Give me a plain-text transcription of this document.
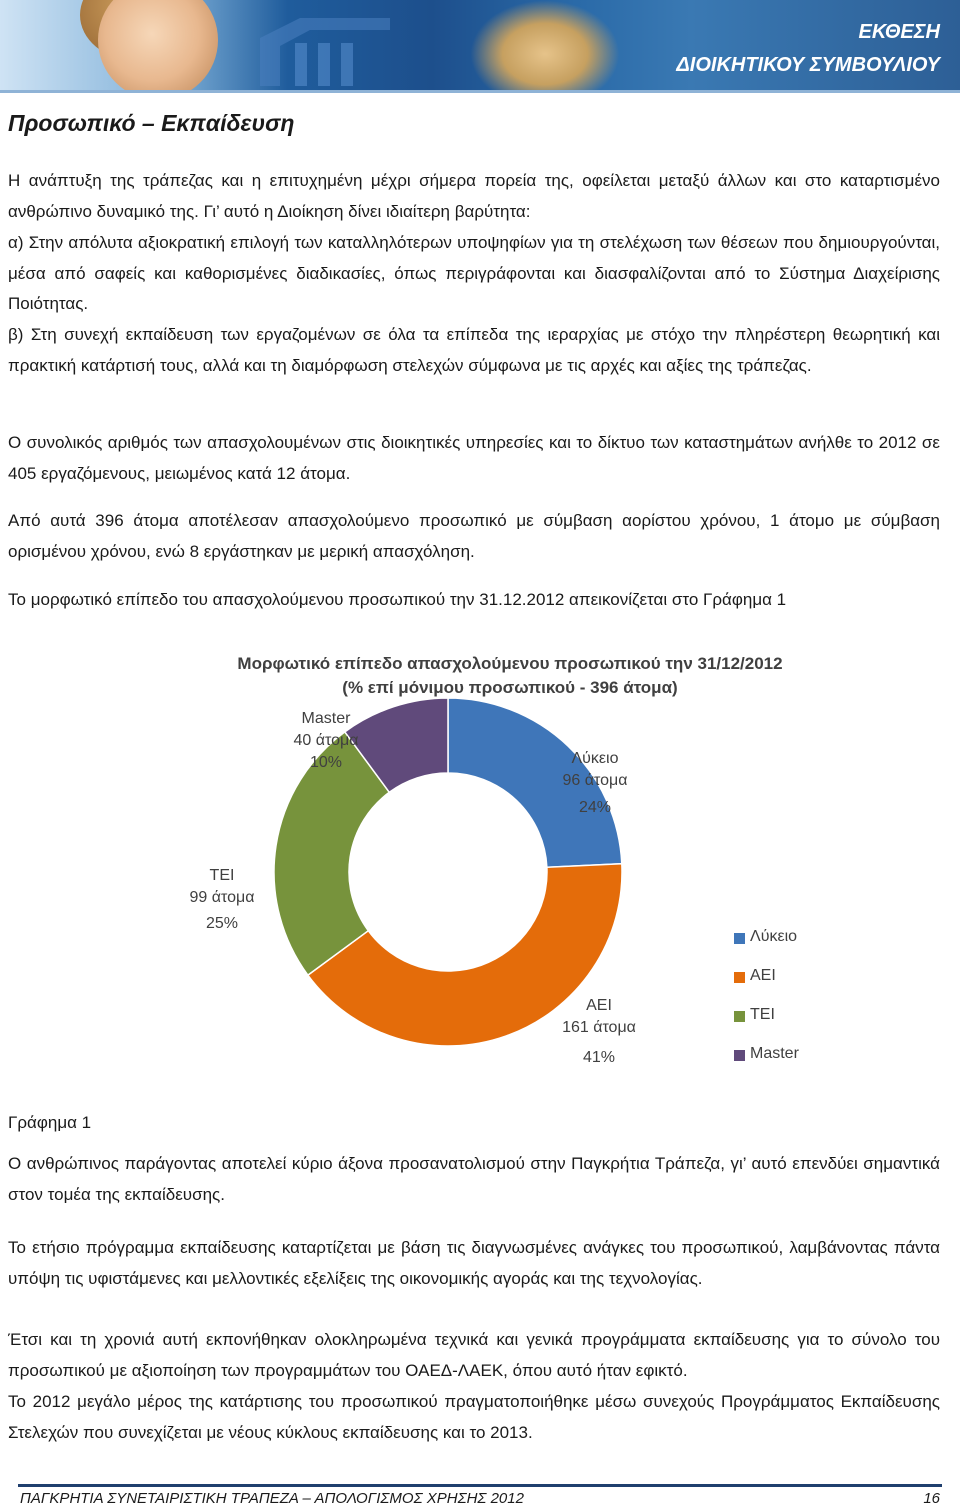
ΕΚΘΕΣΗ
ΔΙΟΙΚΗΤΙΚΟΥ ΣΥΜΒΟΥΛΙΟΥ
Προσωπικό – Εκπαίδευση

Η ανάπτυξη της τράπεζας και η επιτυχημένη μέχρι σήμερα πορεία της, οφείλεται μεταξύ άλλων και στο καταρτισμένο ανθρώπινο δυναμικό της. Γι’ αυτό η Διοίκηση δίνει ιδιαίτερη βαρύτητα:

α) Στην απόλυτα αξιοκρατική επιλογή των καταλληλότερων υποψηφίων για τη στελέχωση των θέσεων που δημιουργούνται, μέσα από σαφείς και καθορισμένες διαδικασίες, όπως περιγράφονται και διασφαλίζονται από το Σύστημα Διαχείρισης Ποιότητας.

β) Στη συνεχή εκπαίδευση των εργαζομένων σε όλα τα επίπεδα της ιεραρχίας με στόχο την πληρέστερη θεωρητική και πρακτική κατάρτισή τους, αλλά και τη διαμόρφωση στελεχών σύμφωνα με τις αρχές και αξίες της τράπεζας.

Ο συνολικός αριθμός των απασχολουμένων στις διοικητικές υπηρεσίες και το δίκτυο των καταστημάτων ανήλθε το 2012 σε 405 εργαζόμενους, μειωμένος κατά 12 άτομα.

Από αυτά 396 άτομα αποτέλεσαν απασχολούμενο προσωπικό με σύμβαση αορίστου χρόνου, 1 άτομο με σύμβαση ορισμένου χρόνου, ενώ 8 εργάστηκαν με μερική απασχόληση.

Το μορφωτικό επίπεδο του απασχολούμενου προσωπικού την 31.12.2012 απεικονίζεται στο Γράφημα 1

Μορφωτικό επίπεδο απασχολούμενου προσωπικού την 31/12/2012
(% επί μόνιμου προσωπικού - 396 άτομα)
Λύκειο
96 άτομα
24%
ΑΕΙ
161 άτομα
41%
ΤΕΙ
99 άτομα
25%
Master
40 άτομα
10%
Λύκειο
ΑΕΙ
ΤΕΙ
Master
Γράφημα 1

Ο ανθρώπινος παράγοντας αποτελεί κύριο άξονα προσανατολισμού στην Παγκρήτια Τράπεζα, γι’ αυτό επενδύει σημαντικά στον τομέα της εκπαίδευσης.

Το ετήσιο πρόγραμμα εκπαίδευσης καταρτίζεται με βάση τις διαγνωσμένες ανάγκες του προσωπικού, λαμβάνοντας πάντα υπόψη τις υφιστάμενες και μελλοντικές εξελίξεις της οικονομικής αγοράς και της τεχνολογίας.

Έτσι και τη χρονιά αυτή εκπονήθηκαν ολοκληρωμένα τεχνικά και γενικά προγράμματα εκπαίδευσης για το σύνολο του προσωπικού με αξιοποίηση των προγραμμάτων του ΟΑΕΔ-ΛΑΕΚ, όπου αυτό ήταν εφικτό.

Το 2012 μεγάλο μέρος της κατάρτισης του προσωπικού πραγματοποιήθηκε μέσω συνεχούς Προγράμματος Εκπαίδευσης Στελεχών που συνεχίζεται με νέους κύκλους εκπαίδευσης και το 2013.

ΠΑΓΚΡΗΤΙΑ ΣΥΝΕΤΑΙΡΙΣΤΙΚΗ ΤΡΑΠΕΖΑ – ΑΠΟΛΟΓΙΣΜΟΣ ΧΡΗΣΗΣ 2012	16
